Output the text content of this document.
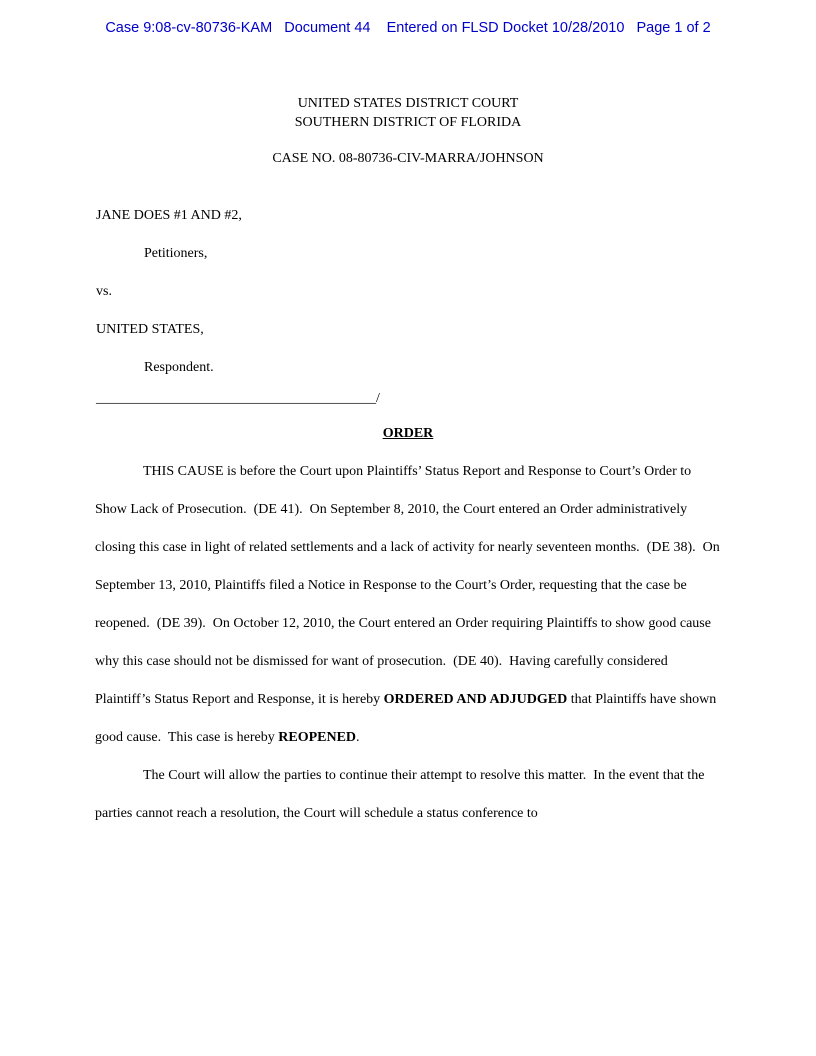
Case 9:08-cv-80736-KAM   Document 44    Entered on FLSD Docket 10/28/2010   Page 1 of 2
UNITED STATES DISTRICT COURT
SOUTHERN DISTRICT OF FLORIDA
CASE NO. 08-80736-CIV-MARRA/JOHNSON
JANE DOES #1 AND #2,
Petitioners,
vs.
UNITED STATES,
Respondent.
________________________________________/
ORDER
THIS CAUSE is before the Court upon Plaintiffs’ Status Report and Response to Court’s Order to Show Lack of Prosecution.  (DE 41).  On September 8, 2010, the Court entered an Order administratively closing this case in light of related settlements and a lack of activity for nearly seventeen months.  (DE 38).  On September 13, 2010, Plaintiffs filed a Notice in Response to the Court’s Order, requesting that the case be reopened.  (DE 39).  On October 12, 2010, the Court entered an Order requiring Plaintiffs to show good cause why this case should not be dismissed for want of prosecution.  (DE 40).  Having carefully considered Plaintiff’s Status Report and Response, it is hereby ORDERED AND ADJUDGED that Plaintiffs have shown good cause.  This case is hereby REOPENED.
The Court will allow the parties to continue their attempt to resolve this matter.  In the event that the parties cannot reach a resolution, the Court will schedule a status conference to
